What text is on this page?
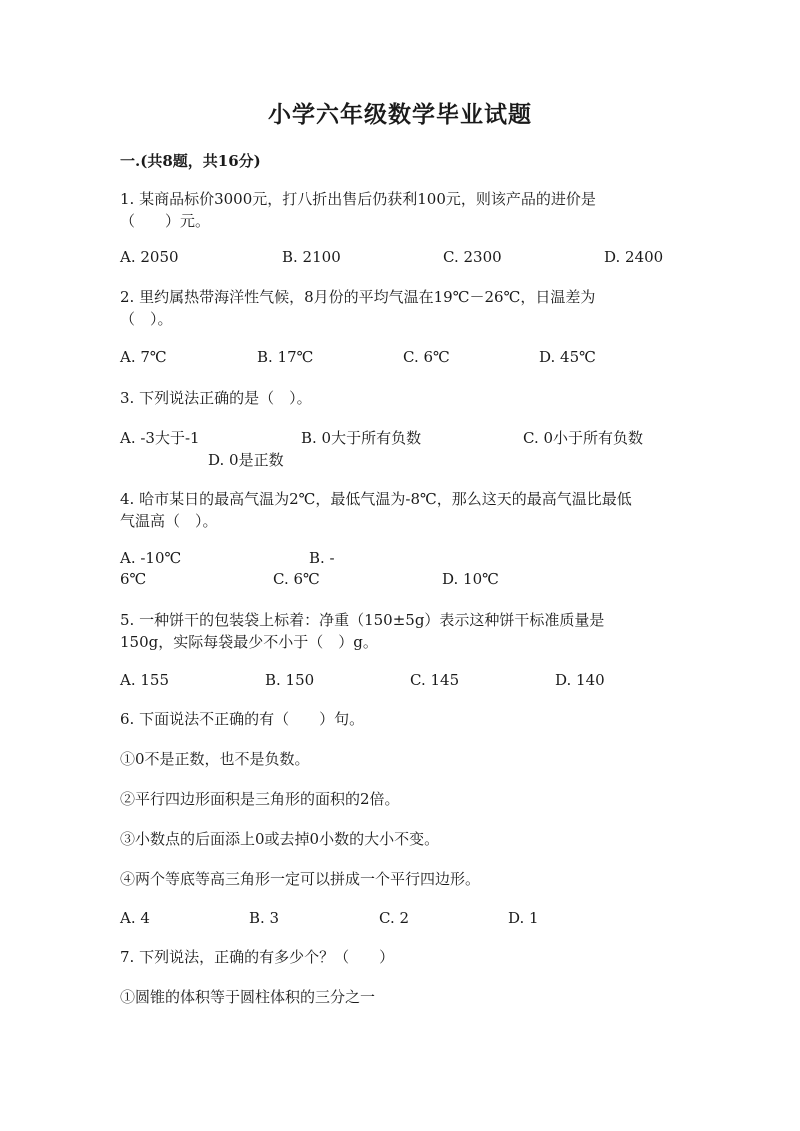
小学六年级数学毕业试题
一.(共8题，共16分)
1. 某商品标价3000元，打八折出售后仍获利100元，则该产品的进价是
（　　）元。
A. 2050	B. 2100	C. 2300	D. 2400
2. 里约属热带海洋性气候，8月份的平均气温在19℃－26℃，日温差为
（　）。
A. 7℃	B. 17℃	C. 6℃	D. 45℃
3. 下列说法正确的是（　）。
A. -3大于-1	B. 0大于所有负数	C. 0小于所有负数
D. 0是正数
4. 哈市某日的最高气温为2℃，最低气温为-8℃，那么这天的最高气温比最低
气温高（　）。
A. -10℃	B. -
6℃	C. 6℃	D. 10℃
5. 一种饼干的包装袋上标着：净重（150±5g）表示这种饼干标准质量是
150g，实际每袋最少不小于（　）g。
A. 155	B. 150	C. 145	D. 140
6. 下面说法不正确的有（　　）句。
①0不是正数，也不是负数。
②平行四边形面积是三角形的面积的2倍。
③小数点的后面添上0或去掉0小数的大小不变。
④两个等底等高三角形一定可以拼成一个平行四边形。
A. 4	B. 3	C. 2	D. 1
7. 下列说法，正确的有多少个？（　　）
①圆锥的体积等于圆柱体积的三分之一
